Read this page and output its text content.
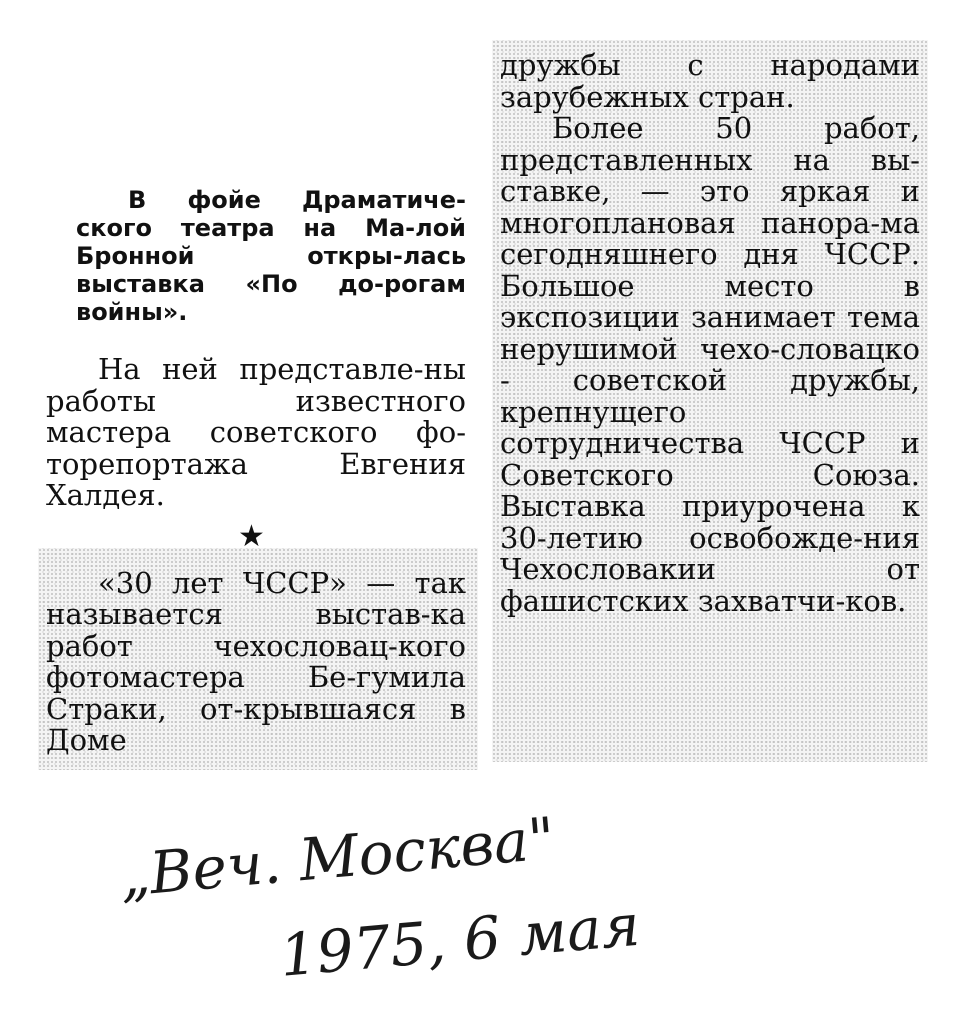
В фойе Драматиче-ского театра на Ма-лой Бронной откры-лась выставка «По до-рогам войны».

На ней представле-ны работы известного мастера советского фо-торепортажа Евгения Халдея.

«30 лет ЧССР» — так называется выстав-ка работ чехословац-кого фотомастера Бе-гумила Страки, от-крывшаяся в Доме

★

дружбы с народами зарубежных стран.

Более 50 работ, представленных на вы-ставке, — это яркая и многоплановая панора-ма сегодняшнего дня ЧССР. Большое место в экспозиции занимает тема нерушимой чехо-словацко - советской дружбы, крепнущего сотрудничества ЧССР и Советского Союза. Выставка приурочена к 30-летию освобожде-ния Чехословакии от фашистских захватчи-ков.

„Веч. Москва"
1975, 6 мая
